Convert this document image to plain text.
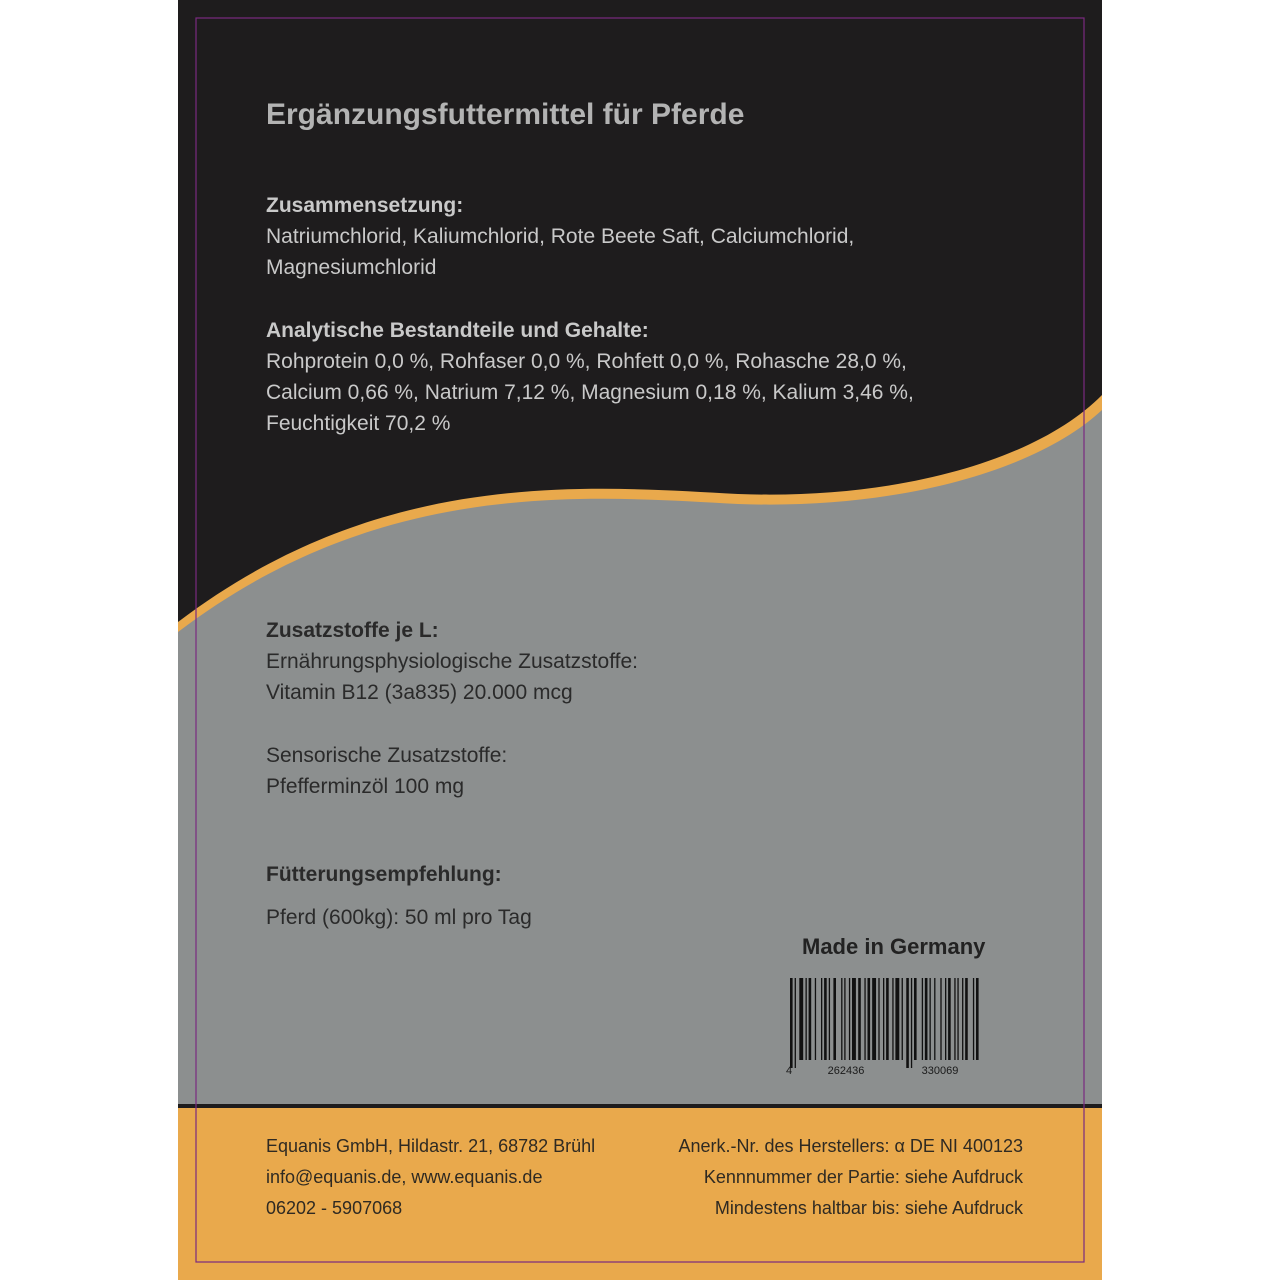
Ergänzungsfuttermittel für Pferde
Zusammensetzung:
Natriumchlorid, Kaliumchlorid, Rote Beete Saft, Calciumchlorid,
Magnesiumchlorid
Analytische Bestandteile und Gehalte:
Rohprotein 0,0 %, Rohfaser 0,0 %, Rohfett 0,0 %, Rohasche 28,0 %,
Calcium 0,66 %, Natrium 7,12 %, Magnesium 0,18 %, Kalium 3,46 %,
Feuchtigkeit 70,2 %
Zusatzstoffe je L:
Ernährungsphysiologische Zusatzstoffe:
Vitamin B12 (3a835) 20.000 mcg
Sensorische Zusatzstoffe:
Pfefferminzöl 100 mg
Fütterungsempfehlung:
Pferd (600kg): 50 ml pro Tag
Made in Germany
4	262436	330069
Equanis GmbH, Hildastr. 21, 68782 Brühl
info@equanis.de, www.equanis.de
06202 - 5907068
Anerk.-Nr. des Herstellers: α DE NI 400123
Kennnummer der Partie: siehe Aufdruck
Mindestens haltbar bis: siehe Aufdruck
